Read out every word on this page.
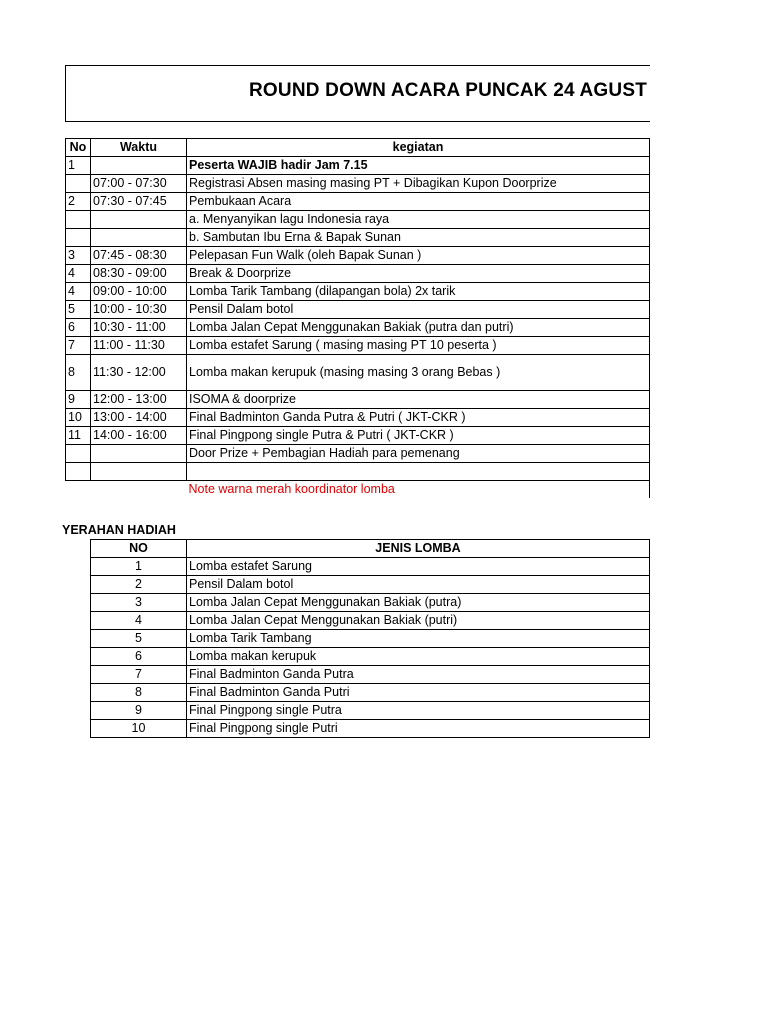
ROUND DOWN ACARA PUNCAK 24 AGUST
No	Waktu	kegiatan
1		Peserta WAJIB hadir Jam 7.15
	07:00 - 07:30	Registrasi Absen masing masing PT + Dibagikan Kupon Doorprize
2	07:30 - 07:45	Pembukaan Acara
		a. Menyanyikan lagu Indonesia raya
		b. Sambutan Ibu Erna & Bapak Sunan
3	07:45 - 08:30	Pelepasan Fun Walk (oleh Bapak Sunan )
4	08:30 - 09:00	Break & Doorprize
4	09:00 - 10:00	Lomba Tarik Tambang (dilapangan bola) 2x tarik
5	10:00 - 10:30	Pensil Dalam botol
6	10:30 - 11:00	Lomba Jalan Cepat Menggunakan Bakiak (putra dan putri)
7	11:00 - 11:30	Lomba estafet Sarung ( masing masing PT 10 peserta )
8	11:30 - 12:00	Lomba makan kerupuk (masing masing 3 orang Bebas )
9	12:00 - 13:00	ISOMA & doorprize
10	13:00 - 14:00	Final Badminton Ganda Putra & Putri ( JKT-CKR )
11	14:00 - 16:00	Final Pingpong single Putra & Putri ( JKT-CKR )
		Door Prize + Pembagian Hadiah para pemenang

		Note warna merah koordinator lomba
YERAHAN HADIAH
NO	JENIS LOMBA
1	Lomba estafet Sarung
2	Pensil Dalam botol
3	Lomba Jalan Cepat Menggunakan Bakiak (putra)
4	Lomba Jalan Cepat Menggunakan Bakiak (putri)
5	Lomba Tarik Tambang
6	Lomba makan kerupuk
7	Final Badminton Ganda Putra
8	Final Badminton Ganda Putri
9	Final Pingpong single Putra
10	Final Pingpong single Putri
